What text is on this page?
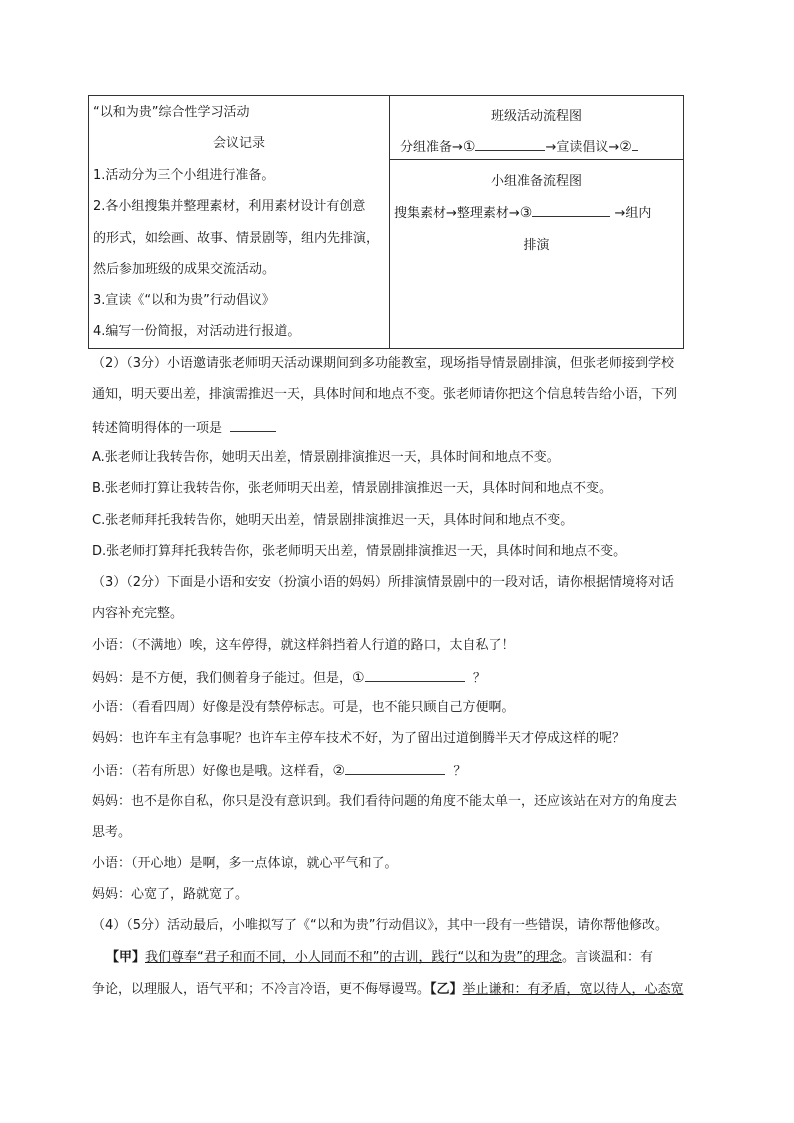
“以和为贵”综合性学习活动
会议记录
1.活动分为三个小组进行准备。
2.各小组搜集并整理素材，利用素材设计有创意
的形式，如绘画、故事、情景剧等，组内先排演，
然后参加班级的成果交流活动。
3.宣读《“以和为贵”行动倡议》
4.编写一份简报，对活动进行报道。

班级活动流程图
分组准备→①	→宣读倡议→②

小组准备流程图
搜集素材→整理素材→③	→组内
排演
（2）（3分）小语邀请张老师明天活动课期间到多功能教室，现场指导情景剧排演，但张老师接到学校
通知，明天要出差，排演需推迟一天，具体时间和地点不变。张老师请你把这个信息转告给小语，下列
转述简明得体的一项是
A.张老师让我转告你，她明天出差，情景剧排演推迟一天，具体时间和地点不变。
B.张老师打算让我转告你，张老师明天出差，情景剧排演推迟一天，具体时间和地点不变。
C.张老师拜托我转告你，她明天出差，情景剧排演推迟一天，具体时间和地点不变。
D.张老师打算拜托我转告你，张老师明天出差，情景剧排演推迟一天，具体时间和地点不变。
（3）（2分）下面是小语和安安（扮演小语的妈妈）所排演情景剧中的一段对话，请你根据情境将对话
内容补充完整。
小语：（不满地）唉，这车停得，就这样斜挡着人行道的路口，太自私了！
妈妈：是不方便，我们侧着身子能过。但是，①	？
小语：（看看四周）好像是没有禁停标志。可是，也不能只顾自己方便啊。
妈妈：也许车主有急事呢？也许车主停车技术不好，为了留出过道倒腾半天才停成这样的呢？
小语：（若有所思）好像也是哦。这样看，②	？
妈妈：也不是你自私，你只是没有意识到。我们看待问题的角度不能太单一，还应该站在对方的角度去
思考。
小语：（开心地）是啊，多一点体谅，就心平气和了。
妈妈：心宽了，路就宽了。
（4）（5分）活动最后，小唯拟写了《“以和为贵”行动倡议》，其中一段有一些错误，请你帮他修改。
【甲】我们尊奉“君子和而不同，小人同而不和”的古训，践行“以和为贵”的理念。言谈温和：有
争论，以理服人，语气平和；不冷言冷语，更不侮辱谩骂。【乙】举止谦和：有矛盾，宽以待人，心态宽
